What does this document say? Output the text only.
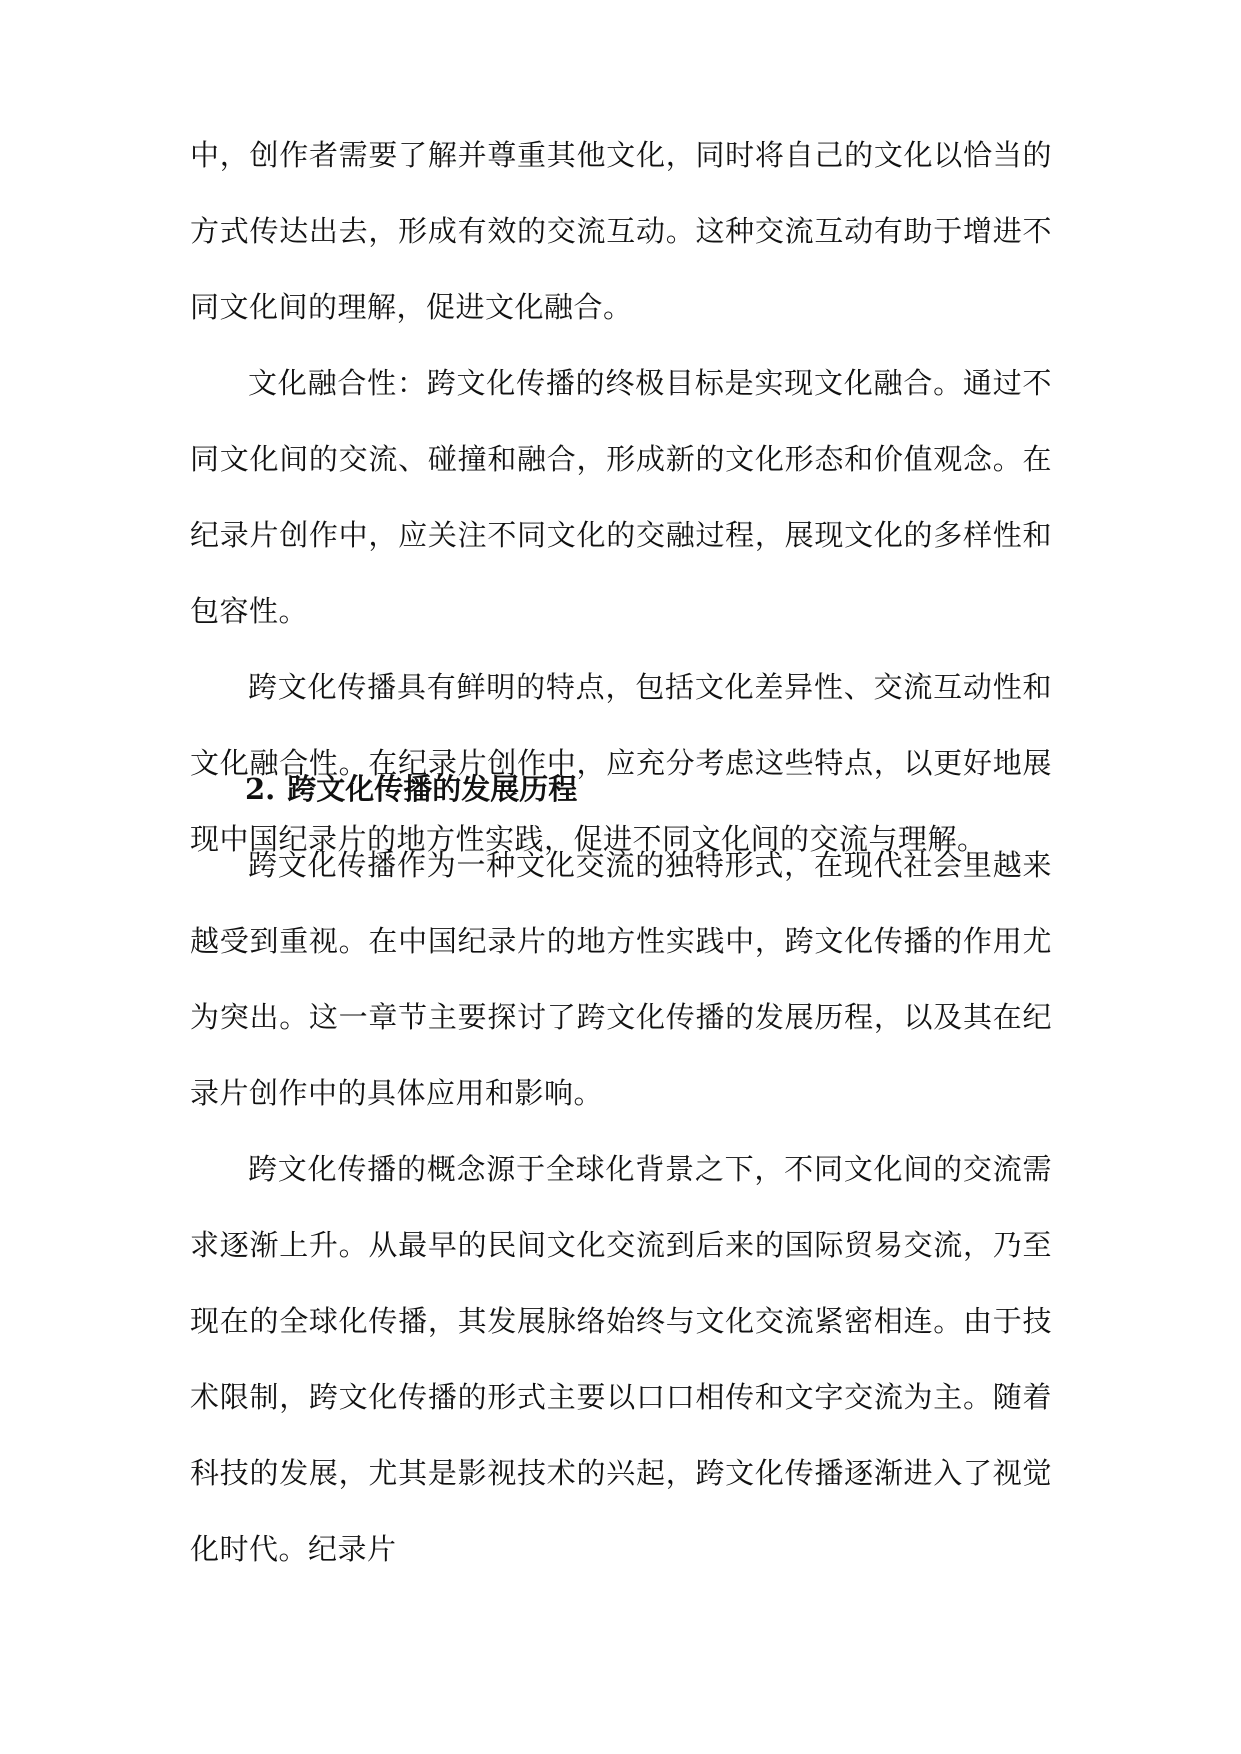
中，创作者需要了解并尊重其他文化，同时将自己的文化以恰当的方式传达出去，形成有效的交流互动。这种交流互动有助于增进不同文化间的理解，促进文化融合。

文化融合性：跨文化传播的终极目标是实现文化融合。通过不同文化间的交流、碰撞和融合，形成新的文化形态和价值观念。在纪录片创作中，应关注不同文化的交融过程，展现文化的多样性和包容性。

跨文化传播具有鲜明的特点，包括文化差异性、交流互动性和文化融合性。在纪录片创作中，应充分考虑这些特点，以更好地展现中国纪录片的地方性实践，促进不同文化间的交流与理解。

2. 跨文化传播的发展历程

跨文化传播作为一种文化交流的独特形式，在现代社会里越来越受到重视。在中国纪录片的地方性实践中，跨文化传播的作用尤为突出。这一章节主要探讨了跨文化传播的发展历程，以及其在纪录片创作中的具体应用和影响。

跨文化传播的概念源于全球化背景之下，不同文化间的交流需求逐渐上升。从最早的民间文化交流到后来的国际贸易交流，乃至现在的全球化传播，其发展脉络始终与文化交流紧密相连。由于技术限制，跨文化传播的形式主要以口口相传和文字交流为主。随着科技的发展，尤其是影视技术的兴起，跨文化传播逐渐进入了视觉化时代。纪录片
